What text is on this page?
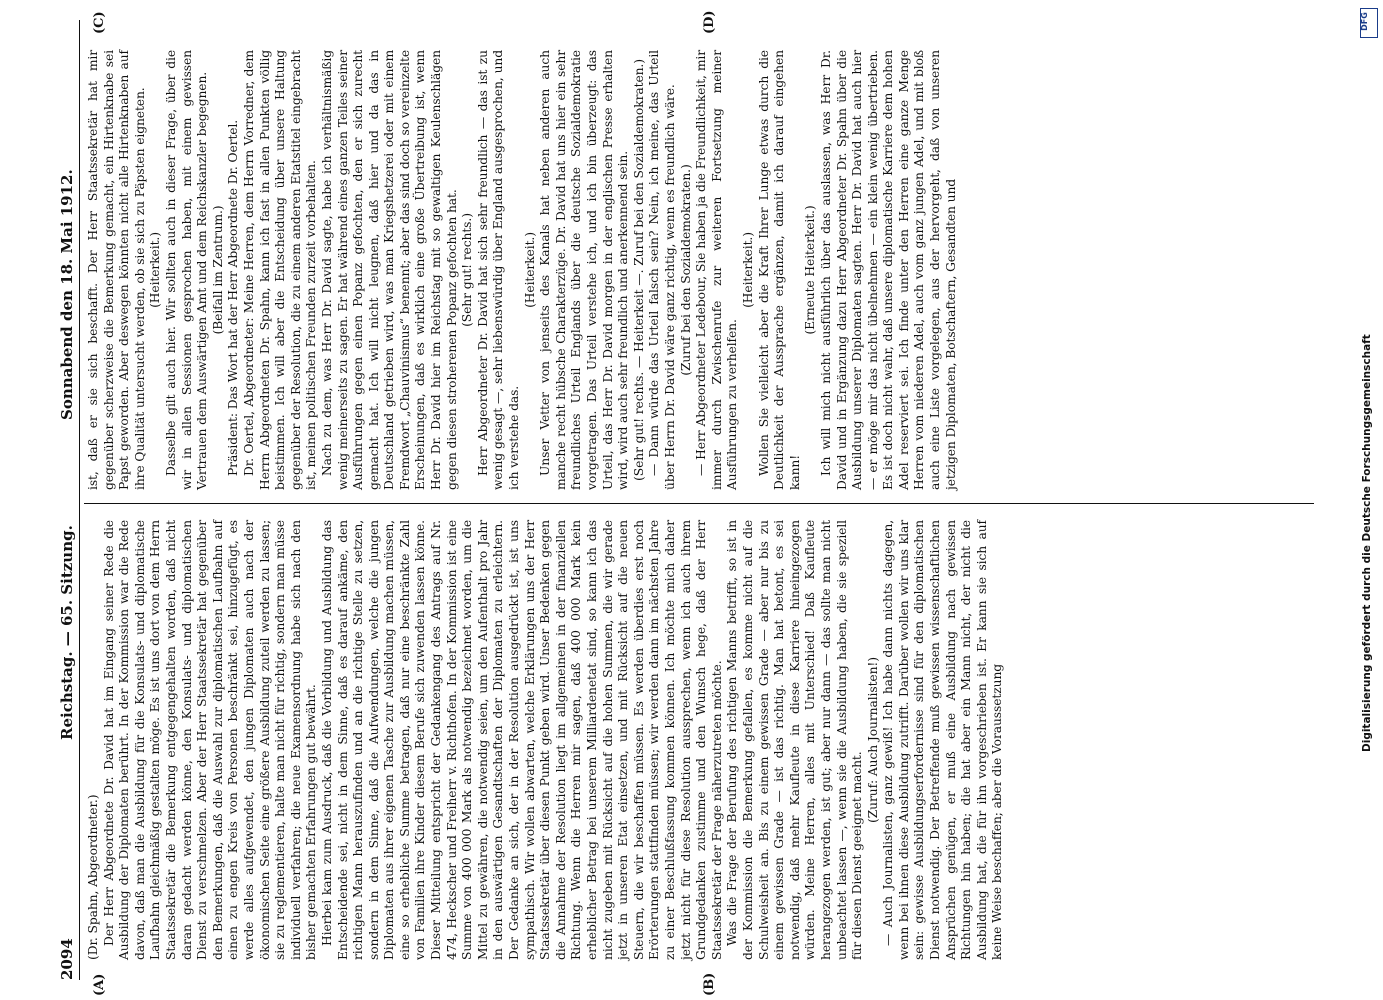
2094
Reichstag. — 65. Sitzung.
Sonnabend den 18. Mai 1912.
(A)	(B)
(C)	(D)

(Dr. Spahn, Abgeordneter.) Der Herr Abgeordnete Dr. David hat im Eingang seiner Rede die Ausbildung der Diplomaten berührt. In der Kommission war die Rede davon, daß man die Ausbildung für die Konsulats- und diplomatische Laufbahn gleichmäßig gestalten möge. Es ist uns dort von dem Herrn Staatssekretär die Bemerkung entgegengehalten worden, daß nicht daran gedacht werden könne, den Konsulats- und diplomatischen Dienst zu verschmelzen. Aber der Herr Staatssekretär hat gegenüber den Bemerkungen, daß die Auswahl zur diplomatischen Laufbahn auf einen zu engen Kreis von Personen beschränkt sei, hinzugefügt, es werde alles aufgewendet, den jungen Diplomaten auch nach der ökonomischen Seite eine größere Ausbildung zuteil werden zu lassen; sie zu reglementieren, halte man nicht für richtig, sondern man müsse individuell verfahren; die neue Examensordnung habe sich nach den bisher gemachten Erfahrungen gut bewährt. Hierbei kam zum Ausdruck, daß die Vorbildung und Ausbildung das Entscheidende sei, nicht in dem Sinne, daß es darauf ankäme, den richtigen Mann herauszufinden und an die richtige Stelle zu setzen, sondern in dem Sinne, daß die Aufwendungen, welche die jungen Diplomaten aus ihrer eigenen Tasche zur Ausbildung machen müssen, eine so erhebliche Summe betragen, daß nur eine beschränkte Zahl von Familien ihre Kinder diesem Berufe sich zuwenden lassen könne. Dieser Mitteilung entspricht der Gedankengang des Antrags auf Nr. 474, Heckscher und Freiherr v. Richthofen. In der Kommission ist eine Summe von 400 000 Mark als notwendig bezeichnet worden, um die Mittel zu gewähren, die notwendig seien, um den Aufenthalt pro Jahr in den auswärtigen Gesandtschaften der Diplomaten zu erleichtern. Der Gedanke an sich, der in der Resolution ausgedrückt ist, ist uns sympathisch. Wir wollen abwarten, welche Erklärungen uns der Herr Staatssekretär über diesen Punkt geben wird. Unser Bedenken gegen die Annahme der Resolution liegt im allgemeinen in der finanziellen Richtung. Wenn die Herren mir sagen, daß 400 000 Mark kein erheblicher Betrag bei unserem Milliardenetat sind, so kann ich das nicht zugeben mit Rücksicht auf die hohen Summen, die wir gerade jetzt in unseren Etat einsetzen, und mit Rücksicht auf die neuen Steuern, die wir beschaffen müssen. Es werden überdies erst noch Erörterungen stattfinden müssen; wir werden dann im nächsten Jahre zu einer Beschlußfassung kommen können. Ich möchte mich daher jetzt nicht für diese Resolution aussprechen, wenn ich auch ihrem Grundgedanken zustimme und den Wunsch hege, daß der Herr Staatssekretär der Frage näherzutreten möchte. Was die Frage der Berufung des richtigen Manns betrifft, so ist in der Kommission die Bemerkung gefallen, es komme nicht auf die Schulweisheit an. Bis zu einem gewissen Grade — aber nur bis zu einem gewissen Grade — ist das richtig. Man hat betont, es sei notwendig, daß mehr Kaufleute in diese Karriere hineingezogen würden. Meine Herren, alles mit Unterschied! Daß Kaufleute herangezogen werden, ist gut; aber nur dann — das sollte man nicht unbeachtet lassen —, wenn sie die Ausbildung haben, die sie speziell für diesen Dienst geeignet macht.

(Zuruf: Auch Journalisten!) — Auch Journalisten, ganz gewiß! Ich habe dann nichts dagegen, wenn bei ihnen diese Ausbildung zutrifft. Darüber wollen wir uns klar sein: gewisse Ausbildungserfordernisse sind für den diplomatischen Dienst notwendig. Der Betreffende muß gewissen wissenschaftlichen Ansprüchen genügen, er muß eine Ausbildung nach gewissen Richtungen hin haben; die hat aber ein Mann nicht, der nicht die Ausbildung hat, die für ihn vorgeschrieben ist. Er kann sie sich auf keine Weise beschaffen; aber die Voraussetzung

ist, daß er sie sich beschafft. Der Herr Staatssekretär hat mir gegenüber scherzweise die Bemerkung gemacht, ein Hirtenknabe sei Papst geworden. Aber deswegen könnten nicht alle Hirtenknaben auf ihre Qualität untersucht werden, ob sie sich zu Päpsten eigneten. (Heiterkeit.) Dasselbe gilt auch hier. Wir sollten auch in dieser Frage, über die wir in allen Sessionen gesprochen haben, mit einem gewissen Vertrauen dem Auswärtigen Amt und dem Reichskanzler begegnen. (Beifall im Zentrum.) Präsident: Das Wort hat der Herr Abgeordnete Dr. Oertel. Dr. Oertel, Abgeordneter: Meine Herren, dem Herrn Vorredner, dem Herrn Abgeordneten Dr. Spahn, kann ich fast in allen Punkten völlig beistimmen. Ich will aber die Entscheidung über unsere Haltung gegenüber der Resolution, die zu einem anderen Etatstitel eingebracht ist, meinen politischen Freunden zurzeit vorbehalten. Nach zu dem, was Herr Dr. David sagte, habe ich verhältnismäßig wenig meinerseits zu sagen. Er hat während eines ganzen Teiles seiner Ausführungen gegen einen Popanz gefochten, den er sich zurecht gemacht hat. Ich will nicht leugnen, daß hier und da das in Deutschland getrieben wird, was man Kriegshetzerei oder mit einem Fremdwort „Chauvinismus“ benennt; aber das sind doch so vereinzelte Erscheinungen, daß es wirklich eine große Übertreibung ist, wenn Herr Dr. David hier im Reichstag mit so gewaltigen Keulenschlägen gegen diesen stroherenen Popanz gefochten hat. (Sehr gut! rechts.) Herr Abgeordneter Dr. David hat sich sehr freundlich — das ist zu wenig gesagt —, sehr liebenswürdig über England ausgesprochen, und ich verstehe das.

(Heiterkeit.) Unser Vetter von jenseits des Kanals hat neben anderen auch manche recht hübsche Charakterzüge. Dr. David hat uns hier ein sehr freundliches Urteil Englands über die deutsche Sozialdemokratie vorgetragen. Das Urteil verstehe ich, und ich bin überzeugt: das Urteil, das Herr Dr. David morgen in der englischen Presse erhalten wird, wird auch sehr freundlich und anerkennend sein. (Sehr gut! rechts. — Heiterkeit —. Zuruf bei den Sozialdemokraten.) — Dann würde das Urteil falsch sein? Nein, ich meine, das Urteil über Herrn Dr. David wäre ganz richtig, wenn es freundlich wäre. (Zuruf bei den Sozialdemokraten.) — Herr Abgeordneter Ledebour, Sie haben ja die Freundlichkeit, mir immer durch Zwischenrufe zur weiteren Fortsetzung meiner Ausführungen zu verhelfen.

(Heiterkeit.) Wollen Sie vielleicht aber die Kraft Ihrer Lunge etwas durch die Deutlichkeit der Aussprache ergänzen, damit ich darauf eingehen kann!

(Erneute Heiterkeit.) Ich will mich nicht ausführlich über das auslassen, was Herr Dr. David und in Ergänzung dazu Herr Abgeordneter Dr. Spahn über die Ausbildung unserer Diplomaten sagten. Herr Dr. David hat auch hier — er möge mir das nicht übelnehmen — ein klein wenig übertrieben. Es ist doch nicht wahr, daß unsere diplomatische Karriere dem hohen Adel reserviert sei. Ich finde unter den Herren eine ganze Menge Herren vom niederen Adel, auch vom ganz jungen Adel, und mit bloß auch eine Liste vorgelegen, aus der hervorgeht, daß von unseren jetzigen Diplomaten, Botschaftern, Gesandten und	Digitalisierung gefördert durch die Deutsche Forschungsgemeinschaft
DFG
